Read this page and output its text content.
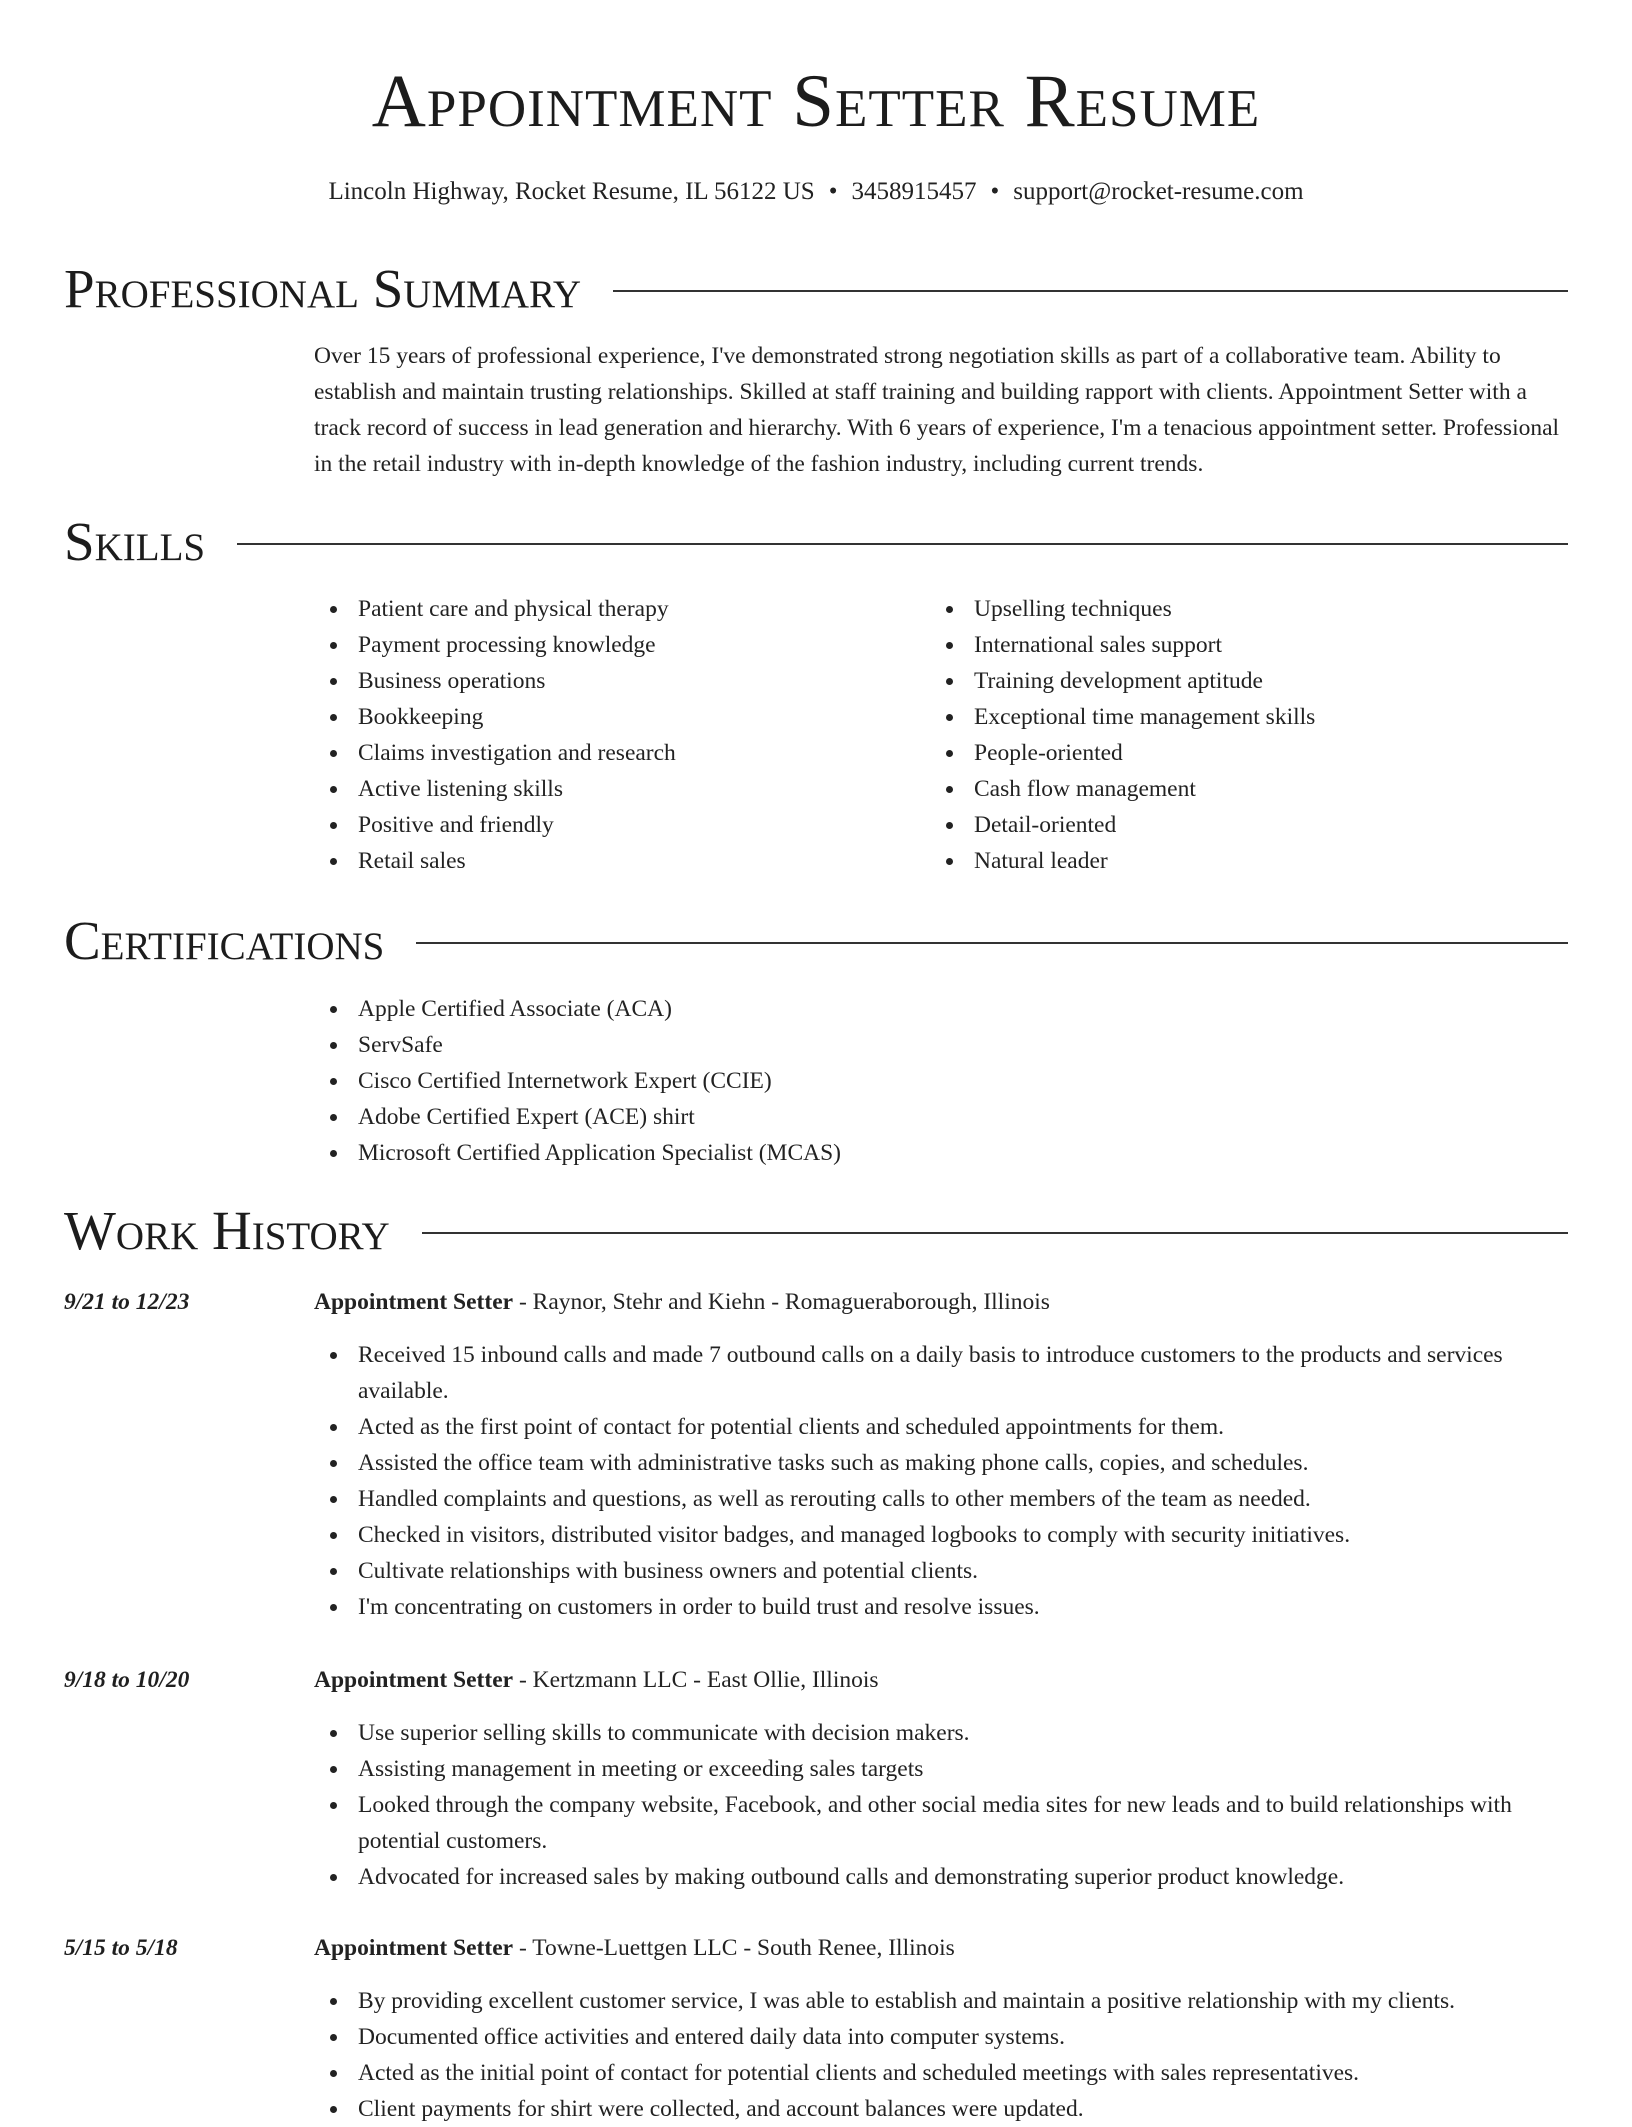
Appointment Setter Resume
Lincoln Highway, Rocket Resume, IL 56122 US • 3458915457 • support@rocket-resume.com
Professional Summary
Over 15 years of professional experience, I've demonstrated strong negotiation skills as part of a collaborative team. Ability to establish and maintain trusting relationships. Skilled at staff training and building rapport with clients. Appointment Setter with a track record of success in lead generation and hierarchy. With 6 years of experience, I'm a tenacious appointment setter. Professional in the retail industry with in-depth knowledge of the fashion industry, including current trends.
Skills
Patient care and physical therapy
Payment processing knowledge
Business operations
Bookkeeping
Claims investigation and research
Active listening skills
Positive and friendly
Retail sales
Upselling techniques
International sales support
Training development aptitude
Exceptional time management skills
People-oriented
Cash flow management
Detail-oriented
Natural leader
Certifications
Apple Certified Associate (ACA)
ServSafe
Cisco Certified Internetwork Expert (CCIE)
Adobe Certified Expert (ACE) shirt
Microsoft Certified Application Specialist (MCAS)
Work History
9/21 to 12/23	Appointment Setter - Raynor, Stehr and Kiehn - Romagueraborough, Illinois
Received 15 inbound calls and made 7 outbound calls on a daily basis to introduce customers to the products and services available.
Acted as the first point of contact for potential clients and scheduled appointments for them.
Assisted the office team with administrative tasks such as making phone calls, copies, and schedules.
Handled complaints and questions, as well as rerouting calls to other members of the team as needed.
Checked in visitors, distributed visitor badges, and managed logbooks to comply with security initiatives.
Cultivate relationships with business owners and potential clients.
I'm concentrating on customers in order to build trust and resolve issues.
9/18 to 10/20	Appointment Setter - Kertzmann LLC - East Ollie, Illinois
Use superior selling skills to communicate with decision makers.
Assisting management in meeting or exceeding sales targets
Looked through the company website, Facebook, and other social media sites for new leads and to build relationships with potential customers.
Advocated for increased sales by making outbound calls and demonstrating superior product knowledge.
5/15 to 5/18	Appointment Setter - Towne-Luettgen LLC - South Renee, Illinois
By providing excellent customer service, I was able to establish and maintain a positive relationship with my clients.
Documented office activities and entered daily data into computer systems.
Acted as the initial point of contact for potential clients and scheduled meetings with sales representatives.
Client payments for shirt were collected, and account balances were updated.
